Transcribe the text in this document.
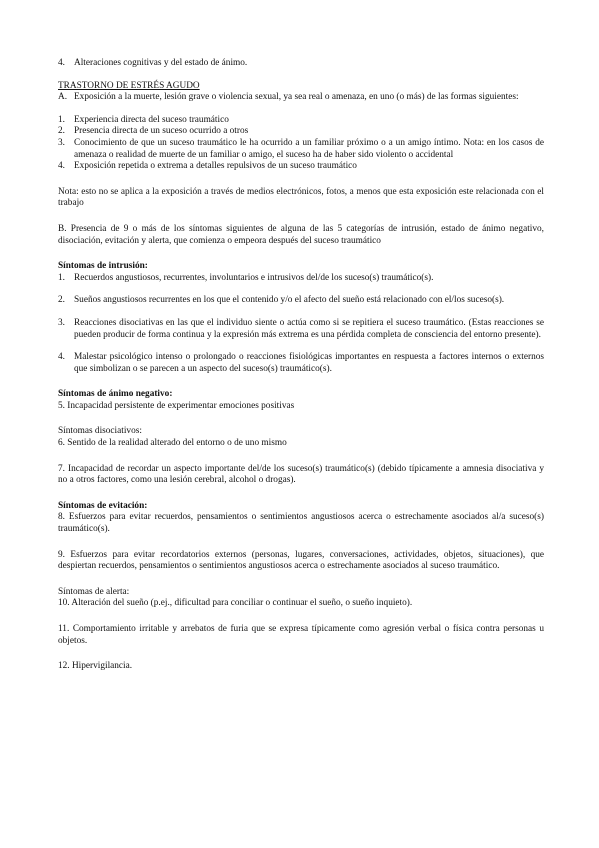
4. Alteraciones cognitivas y del estado de ánimo.
TRASTORNO DE ESTRÉS AGUDO
A. Exposición a la muerte, lesión grave o violencia sexual, ya sea real o amenaza, en uno (o más) de las formas siguientes:
1. Experiencia directa del suceso traumático
2. Presencia directa de un suceso ocurrido a otros
3. Conocimiento de que un suceso traumático le ha ocurrido a un familiar próximo o a un amigo íntimo. Nota: en los casos de amenaza o realidad de muerte de un familiar o amigo, el suceso ha de haber sido violento o accidental
4. Exposición repetida o extrema a detalles repulsivos de un suceso traumático
Nota: esto no se aplica a la exposición a través de medios electrónicos, fotos, a menos que esta exposición este relacionada con el trabajo
B. Presencia de 9 o más de los síntomas siguientes de alguna de las 5 categorías de intrusión, estado de ánimo negativo, disociación, evitación y alerta, que comienza o empeora después del suceso traumático
Síntomas de intrusión:
1. Recuerdos angustiosos, recurrentes, involuntarios e intrusivos del/de los suceso(s) traumático(s).
2. Sueños angustiosos recurrentes en los que el contenido y/o el afecto del sueño está relacionado con el/los suceso(s).
3. Reacciones disociativas en las que el individuo siente o actúa como si se repitiera el suceso traumático. (Estas reacciones se pueden producir de forma continua y la expresión más extrema es una pérdida completa de consciencia del entorno presente).
4. Malestar psicológico intenso o prolongado o reacciones fisiológicas importantes en respuesta a factores internos o externos que simbolizan o se parecen a un aspecto del suceso(s) traumático(s).
Síntomas de ánimo negativo:
5. Incapacidad persistente de experimentar emociones positivas
Síntomas disociativos:
6. Sentido de la realidad alterado del entorno o de uno mismo
7. Incapacidad de recordar un aspecto importante del/de los suceso(s) traumático(s) (debido típicamente a amnesia disociativa y no a otros factores, como una lesión cerebral, alcohol o drogas).
Síntomas de evitación:
8. Esfuerzos para evitar recuerdos, pensamientos o sentimientos angustiosos acerca o estrechamente asociados al/a suceso(s) traumático(s).
9. Esfuerzos para evitar recordatorios externos (personas, lugares, conversaciones, actividades, objetos, situaciones), que despiertan recuerdos, pensamientos o sentimientos angustiosos acerca o estrechamente asociados al suceso traumático.
Síntomas de alerta:
10. Alteración del sueño (p.ej., dificultad para conciliar o continuar el sueño, o sueño inquieto).
11. Comportamiento irritable y arrebatos de furia que se expresa típicamente como agresión verbal o física contra personas u objetos.
12. Hipervigilancia.
